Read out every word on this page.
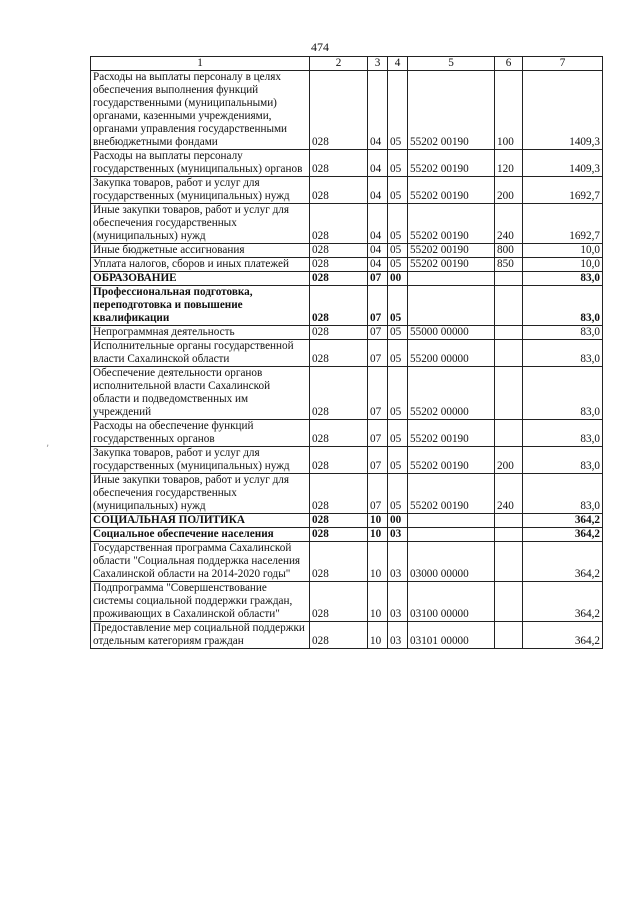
474
‚
1	2	3	4	5	6	7
Расходы на выплаты персоналу в целях обеспечения выполнения функций государственными (муниципальными) органами, казенными учреждениями, органами управления государственными внебюджетными фондами	028	04	05	55202 00190	100	1409,3
Расходы на выплаты персоналу государственных (муниципальных) органов	028	04	05	55202 00190	120	1409,3
Закупка товаров, работ и услуг для государственных (муниципальных) нужд	028	04	05	55202 00190	200	1692,7
Иные закупки товаров, работ и услуг для обеспечения государственных (муниципальных) нужд	028	04	05	55202 00190	240	1692,7
Иные бюджетные ассигнования	028	04	05	55202 00190	800	10,0
Уплата налогов, сборов и иных платежей	028	04	05	55202 00190	850	10,0
ОБРАЗОВАНИЕ	028	07	00			83,0
Профессиональная подготовка, переподготовка и повышение квалификации	028	07	05			83,0
Непрограммная деятельность	028	07	05	55000 00000		83,0
Исполнительные органы государственной власти Сахалинской области	028	07	05	55200 00000		83,0
Обеспечение деятельности органов исполнительной власти Сахалинской области и подведомственных им учреждений	028	07	05	55202 00000		83,0
Расходы на обеспечение функций государственных органов	028	07	05	55202 00190		83,0
Закупка товаров, работ и услуг для государственных (муниципальных) нужд	028	07	05	55202 00190	200	83,0
Иные закупки товаров, работ и услуг для обеспечения государственных (муниципальных) нужд	028	07	05	55202 00190	240	83,0
СОЦИАЛЬНАЯ ПОЛИТИКА	028	10	00			364,2
Социальное обеспечение населения	028	10	03			364,2
Государственная программа Сахалинской области "Социальная поддержка населения Сахалинской области на 2014-2020 годы"	028	10	03	03000 00000		364,2
Подпрограмма "Совершенствование системы социальной поддержки граждан, проживающих в Сахалинской области"	028	10	03	03100 00000		364,2
Предоставление мер социальной поддержки отдельным категориям граждан	028	10	03	03101 00000		364,2
